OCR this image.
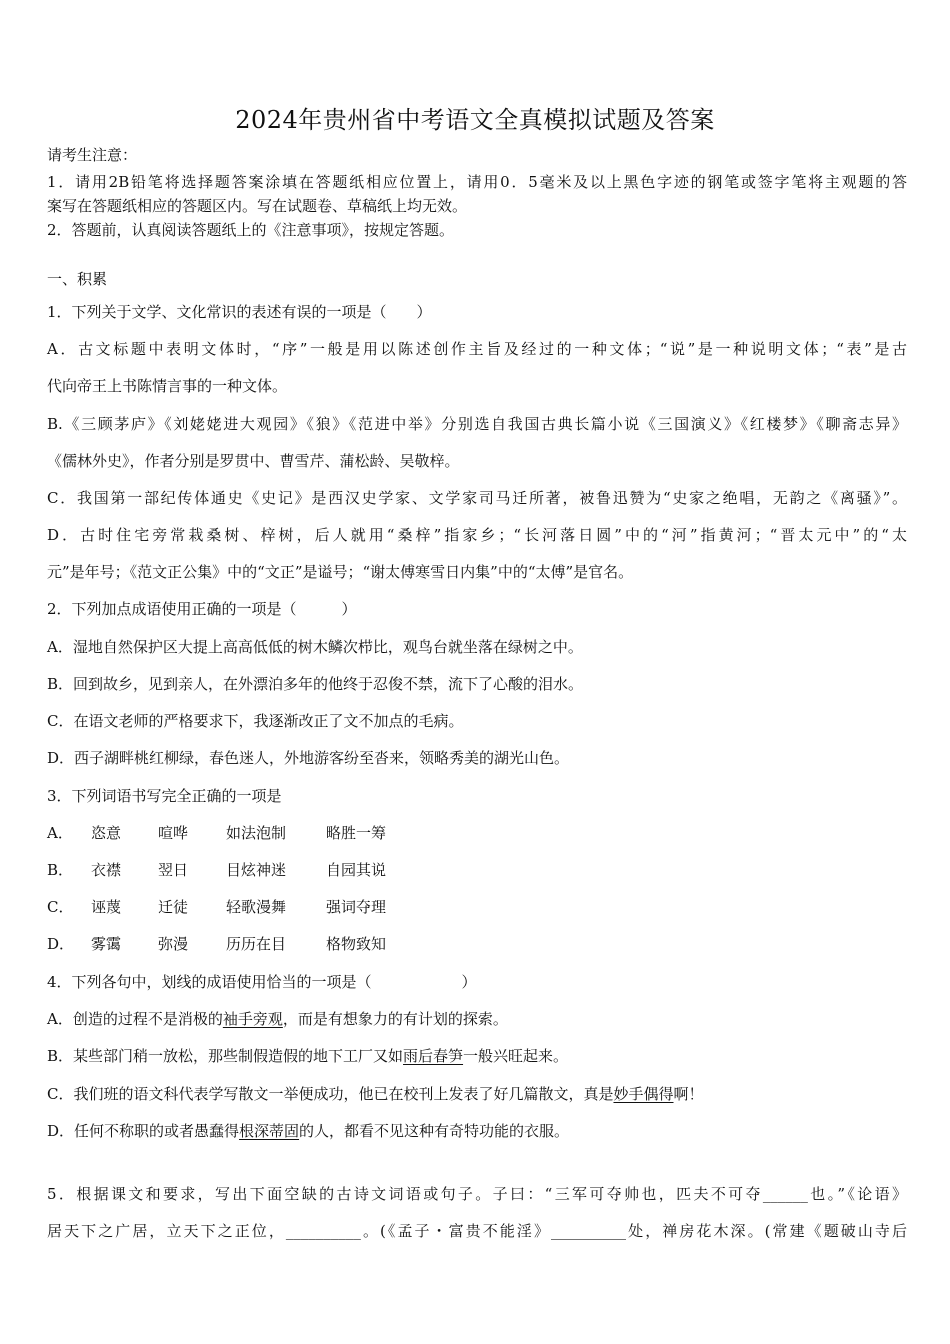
2024年贵州省中考语文全真模拟试题及答案
请考生注意：
1．请用2B铅笔将选择题答案涂填在答题纸相应位置上，请用0．5毫米及以上黑色字迹的钢笔或签字笔将主观题的答
案写在答题纸相应的答题区内。写在试题卷、草稿纸上均无效。
2．答题前，认真阅读答题纸上的《注意事项》，按规定答题。
一、积累
1．下列关于文学、文化常识的表述有误的一项是（　　）
A．古文标题中表明文体时，“序”一般是用以陈述创作主旨及经过的一种文体；“说”是一种说明文体；“表”是古
代向帝王上书陈情言事的一种文体。
B.《三顾茅庐》《刘姥姥进大观园》《狼》《范进中举》分别选自我国古典长篇小说《三国演义》《红楼梦》《聊斋志异》
《儒林外史》，作者分别是罗贯中、曹雪芹、蒲松龄、吴敬梓。
C．我国第一部纪传体通史《史记》是西汉史学家、文学家司马迁所著，被鲁迅赞为“史家之绝唱，无韵之《离骚》”。
D．古时住宅旁常栽桑树、梓树，后人就用“桑梓”指家乡；“长河落日圆”中的“河”指黄河；“晋太元中”的“太
元”是年号；《范文正公集》中的“文正”是谥号；“谢太傅寒雪日内集”中的“太傅”是官名。
2．下列加点成语使用正确的一项是（　　　）
A．湿地自然保护区大提上高高低低的树木鳞次栉比，观鸟台就坐落在绿树之中。
B．回到故乡，见到亲人，在外漂泊多年的他终于忍俊不禁，流下了心酸的泪水。
C．在语文老师的严格要求下，我逐渐改正了文不加点的毛病。
D．西子湖畔桃红柳绿，春色迷人，外地游客纷至沓来，领略秀美的湖光山色。
3．下列词语书写完全正确的一项是
A． 恣意 喧哗	如法泡制	略胜一筹
B． 衣襟 翌日	目炫神迷	自园其说
C． 诬蔑 迁徒	轻歌漫舞	强词夺理
D． 雾霭 弥漫	历历在目	格物致知
4．下列各句中，划线的成语使用恰当的一项是（　　　　　　）
A．创造的过程不是消极的袖手旁观，而是有想象力的有计划的探索。
B．某些部门稍一放松，那些制假造假的地下工厂又如雨后春笋一般兴旺起来。
C．我们班的语文科代表学写散文一举便成功，他已在校刊上发表了好几篇散文，真是妙手偶得啊！
D．任何不称职的或者愚蠢得根深蒂固的人，都看不见这种有奇特功能的衣服。
5．根据课文和要求，写出下面空缺的古诗文词语或句子。子曰：“三军可夺帅也，匹夫不可夺______也。”《论语》
居天下之广居，立天下之正位，__________。(《孟子・富贵不能淫》__________处，禅房花木深。(常建《题破山寺后
